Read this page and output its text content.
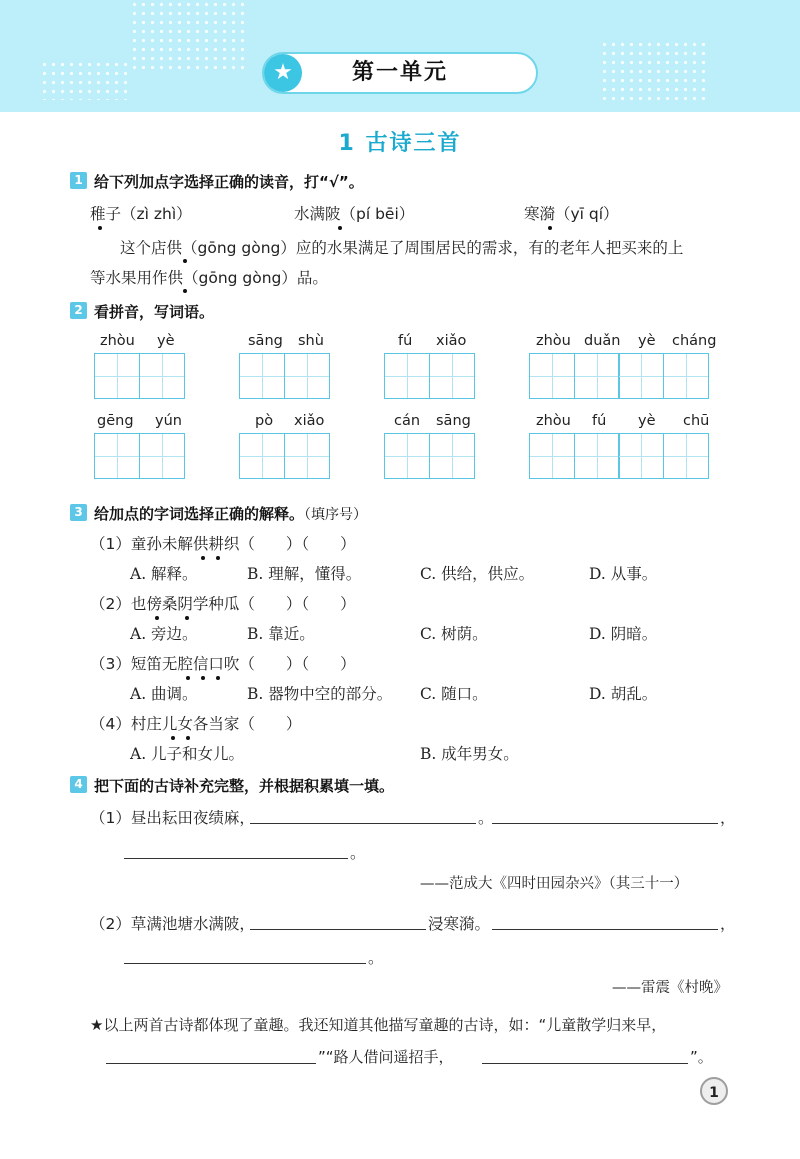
★	第一单元
1 古诗三首
1 给下列加点字选择正确的读音，打“√”。
稚子（zì zhì）	水满陂（pí bēi）	寒漪（yī qí）
这个店供（gōng gòng）应的水果满足了周围居民的需求，有的老年人把买来的上
等水果用作供（gōng gòng）品。
2 看拼音，写词语。
zhòu yè	sāng shù	fú xiǎo	zhòu duǎn yè cháng
gēng yún	pò xiǎo	cán sāng	zhòu fú yè chū
3 给加点的字词选择正确的解释。（填序号）
（1）童孙未解供耕织（　　）（　　）
A. 解释。	B. 理解，懂得。	C. 供给，供应。	D. 从事。
（2）也傍桑阴学种瓜（　　）（　　）
A. 旁边。	B. 靠近。	C. 树荫。	D. 阴暗。
（3）短笛无腔信口吹（　　）（　　）
A. 曲调。	B. 器物中空的部分。 C. 随口。	D. 胡乱。
（4）村庄儿女各当家（　　）
A. 儿子和女儿。	B. 成年男女。
4 把下面的古诗补充完整，并根据积累填一填。
（1）昼出耘田夜绩麻，	。	，
。
——范成大《四时田园杂兴》（其三十一）
（2）草满池塘水满陂，	浸寒漪。	，
。
——雷震《村晚》
★以上两首古诗都体现了童趣。我还知道其他描写童趣的古诗，如：“儿童散学归来早，
”“路人借问遥招手，	”。
1
